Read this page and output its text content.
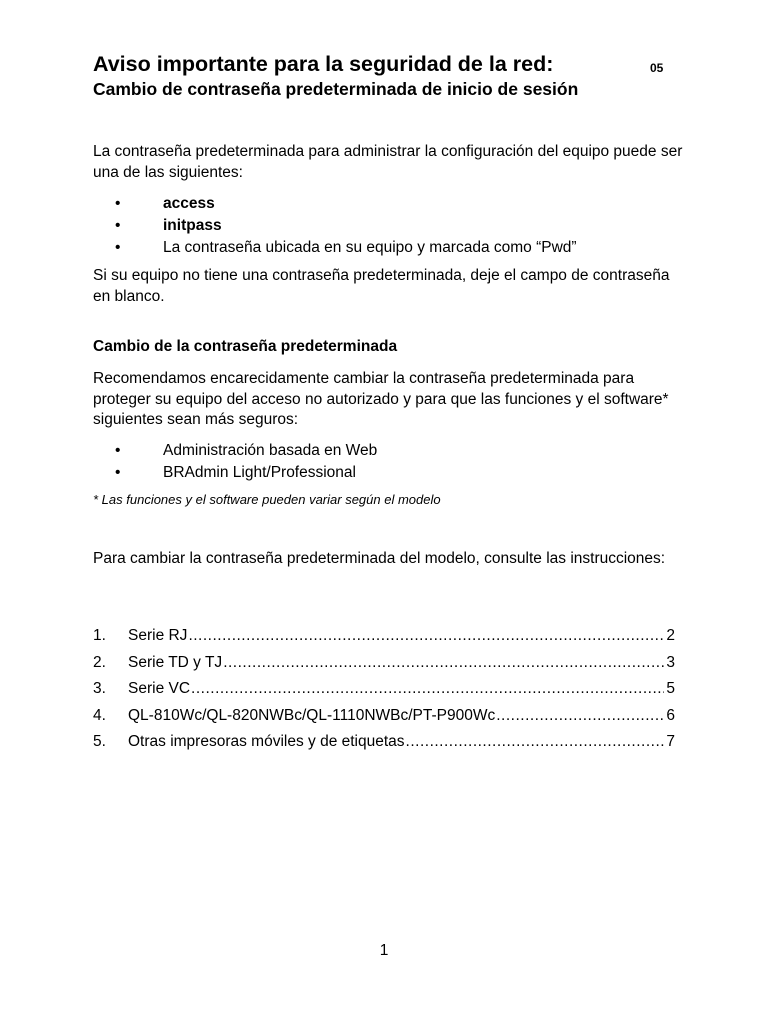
Aviso importante para la seguridad de la red:	05
Cambio de contraseña predeterminada de inicio de sesión

La contraseña predeterminada para administrar la configuración del equipo puede ser una de las siguientes:

•	access
•	initpass
•	La contraseña ubicada en su equipo y marcada como “Pwd”

Si su equipo no tiene una contraseña predeterminada, deje el campo de contraseña en blanco.

Cambio de la contraseña predeterminada

Recomendamos encarecidamente cambiar la contraseña predeterminada para proteger su equipo del acceso no autorizado y para que las funciones y el software* siguientes sean más seguros:

•	Administración basada en Web
•	BRAdmin Light/Professional
* Las funciones y el software pueden variar según el modelo

Para cambiar la contraseña predeterminada del modelo, consulte las instrucciones:

1. Serie RJ .....	2
2. Serie TD y TJ .....	3
3. Serie VC .....	5
4. QL-810Wc/QL-820NWBc/QL-1110NWBc/PT-P900Wc .....	6
5. Otras impresoras móviles y de etiquetas .....	7
1
